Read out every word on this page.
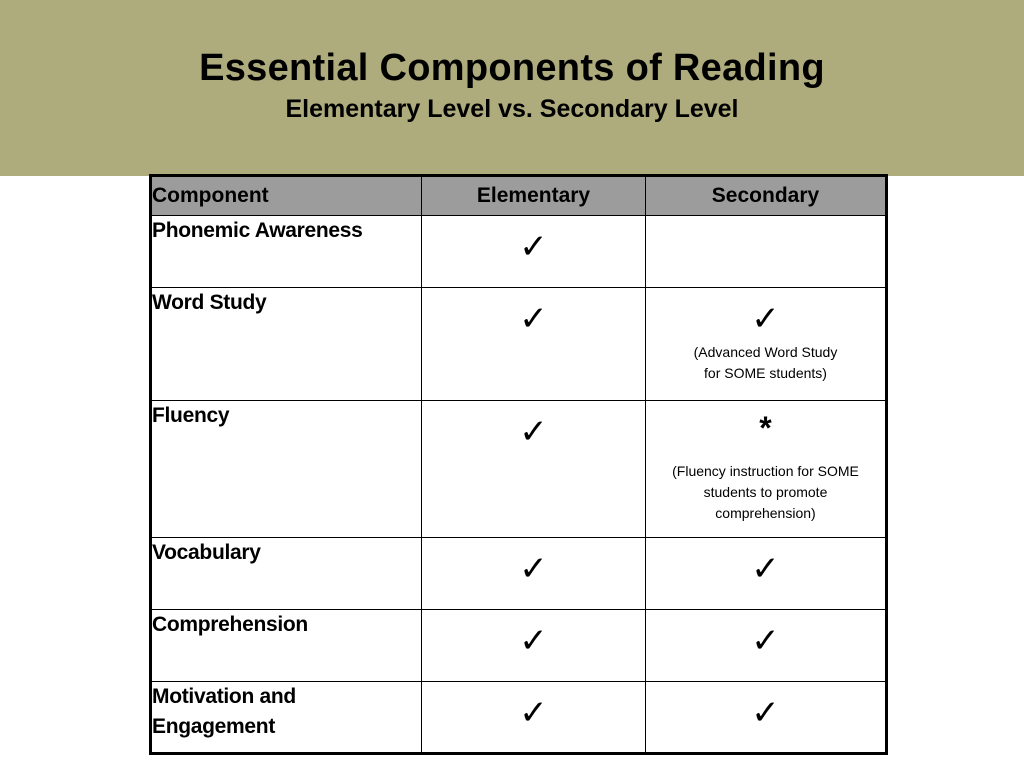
Essential Components of Reading
Elementary Level vs. Secondary Level
Component	Elementary	Secondary
Phonemic Awareness	✓	
Word Study	✓	✓
(Advanced Word Study
for SOME students)

Fluency	✓	*
(Fluency instruction for SOME
students to promote
comprehension)

Vocabulary	✓	✓
Comprehension	✓	✓
Motivation and Engagement	✓	✓
